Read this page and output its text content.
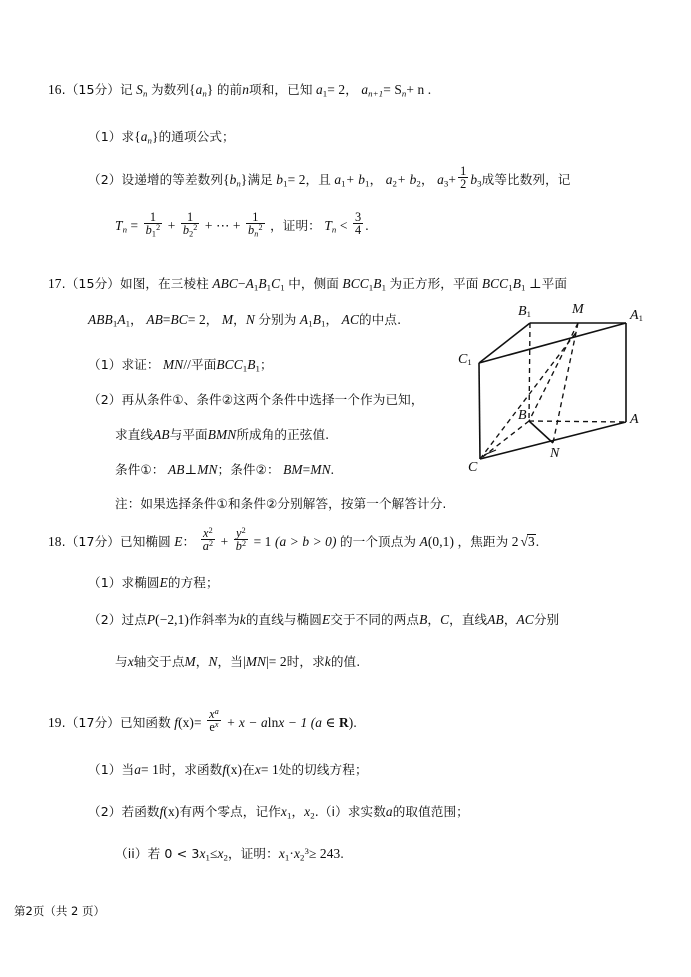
16.（15分）记 $S_n$ 为数列$\{a_n\}$ 的前n项和，已知 $a_1= 2$， $a_{n+1}= S_n+ n$ .
（1）求$\{a_n\}$的通项公式；
（2）设递增的等差数列$\{b_n\}$满足 $b_1= 2$，且 $a_1+ b_1$， $a_2+ b_2$， $a_3+ \frac{1}{2} b_3$成等比数列，记
$T_n = \frac{1}{b_1^2} + \frac{1}{b_2^2}$ + ⋯ + $\frac{1}{b_n^2}$ ，证明： $T_n < \frac{3}{4}$ .
17.（15分）如图，在三棱柱 $ABC-A_1B_1C_1$ 中，侧面 $BCC_1B_1$ 为正方形，平面 $BCC_1B_1$ ⊥平面
$ABB_1A_1$， AB=BC= 2， M，N 分别为 $A_1B_1$， AC的中点.
（1）求证： MN//平面$BCC_1B_1$；
（2）再从条件①、条件②这两个条件中选择一个作为已知，
求直线AB与平面BMN所成角的正弦值.
条件①： AB⊥MN；条件②： BM=MN.
注：如果选择条件①和条件②分别解答，按第一个解答计分.
$B_1$	M	$A_1$
$C_1$
B	A
N
C
18.（17分）已知椭圆 E： $\frac{x^2}{a^2} + \frac{y^2}{b^2} = 1$ (a > b > 0) 的一个顶点为 A(0,1) ，焦距为 2 √3.
（1）求椭圆E的方程；
（2）过点P(−2,1)作斜率为k的直线与椭圆E交于不同的两点B，C，直线AB，AC分别
与x轴交于点M，N，当|MN|= 2时，求k的值.
19.（17分）已知函数 $f(x)= \frac{x^a}{e^x} + x - alnx - 1$ (a ∈ R).
（1）当a= 1时，求函数f(x)在x= 1处的切线方程；
（2）若函数f(x)有两个零点，记作$x_1$，$x_2.(i)$求实数a的取值范围；
（ii）若 $0 < 3x_1\le x_2$，证明：$x_1\cdot x_2^3\ge 243$.
第2页（共 2 页）
